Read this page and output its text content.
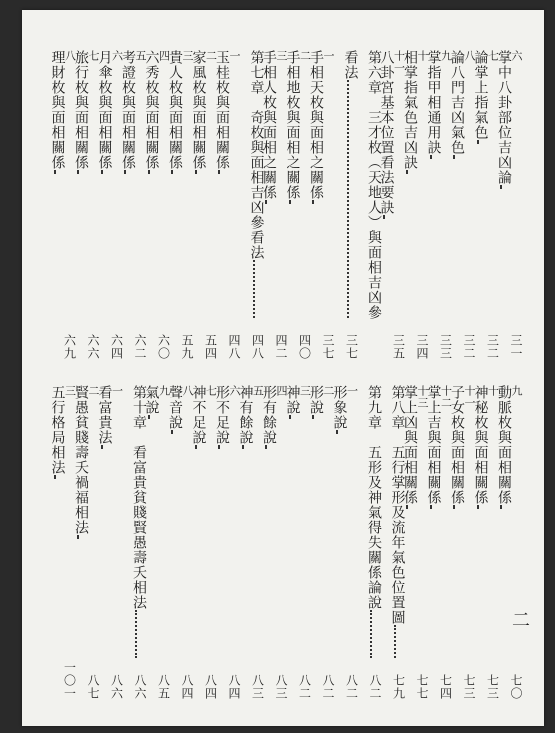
六
掌中八卦部位吉凶論
三一
七
論掌上指氣色
三二
八
論八門吉凶氣色
三二
九
掌指甲相通用訣
三三
十
相掌指氣色吉凶訣
三四
十一
八卦宮基本位置看法要訣
三五
第六章　三才枚（天地人）與面相吉凶參
看法
三七
一
手相天枚與面相之關係
三七
二
手相地枚與面相之關係
四〇
三
手相人枚與面相之關係
四二
第七章　奇枚與面相吉凶參看法
四八
一
玉桂枚與面相關係
四八
二
家風枚與面相關係
五四
三
貴人枚與面相關係
五九
四
六秀枚與面相關係
六〇
五
考證枚與面相關係
六二
六
月傘枚與面相關係
六四
七
旅行枚與面相關係
六六
八
理財枚與面相關係
六九
九
動脈枚與面相關係
七〇
十
神秘枚與面相關係
七三
十一
子女枚與面相關係
七三
十二
掌上吉與面相關係
七四
十三
掌上凶與面相關係
七七
第八章　五行掌形及流年氣色位置圖
七九
第九章　五形及神氣得失關係論說
八二
一
形象說
八二
二
形說
八二
三
神說
八二
四
形有餘說
八三
五
神有餘說
八三
六
形不足說
八四
七
神不足說
八四
八
聲音說
八四
九
氣說
八五
第十章　看富貴貧賤賢愚壽夭相法
八六
一
看富貴法
八六
二
賢愚貧賤壽夭禍福相法
八七
三
五行格局相法
一〇一
二
